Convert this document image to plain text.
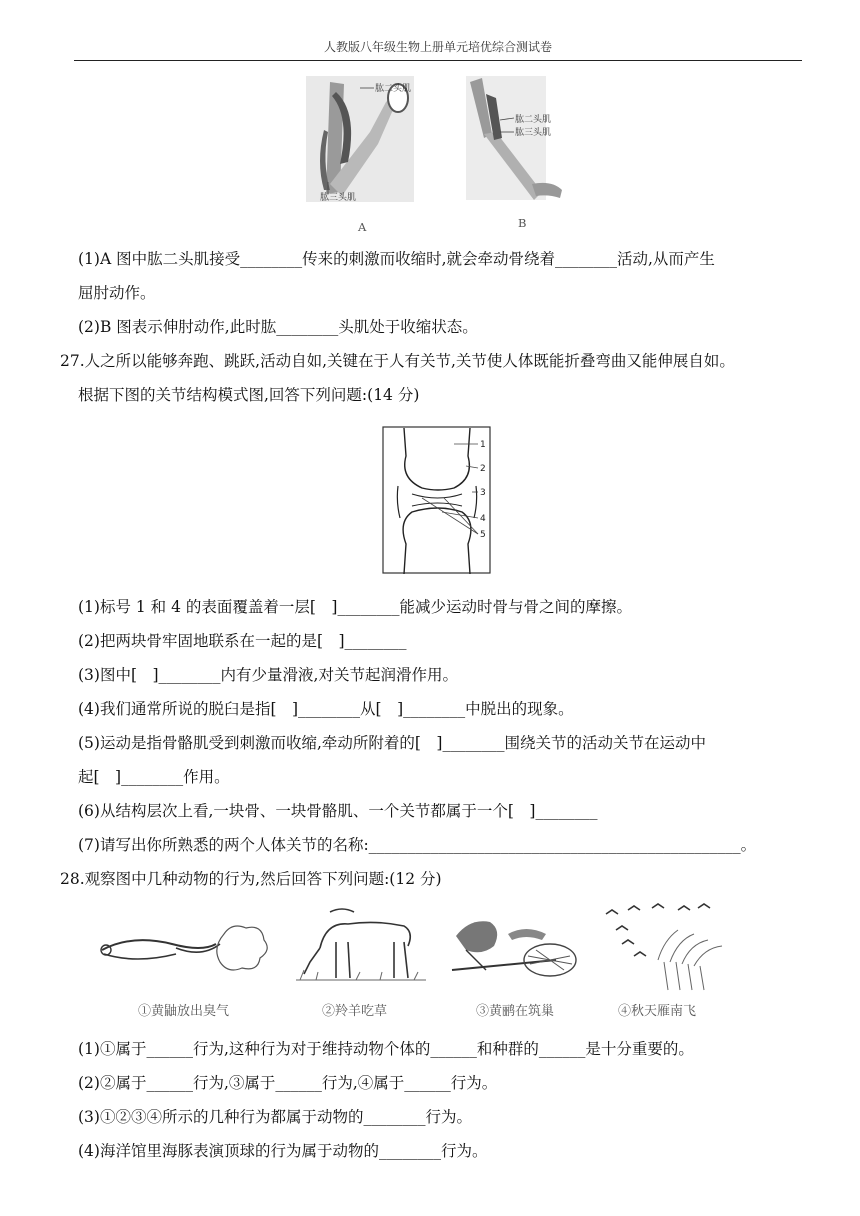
人教版八年级生物上册单元培优综合测试卷
肱二头肌
肱三头肌
A
肱二头肌
肱三头肌
B
(1)A 图中肱二头肌接受________传来的刺激而收缩时,就会牵动骨绕着________活动,从而产生
屈肘动作。
(2)B 图表示伸肘动作,此时肱________头肌处于收缩状态。
27.人之所以能够奔跑、跳跃,活动自如,关键在于人有关节,关节使人体既能折叠弯曲又能伸展自如。
根据下图的关节结构模式图,回答下列问题:(14 分)
1
2
3
4
5
(1)标号 1 和 4 的表面覆盖着一层[　]________能减少运动时骨与骨之间的摩擦。
(2)把两块骨牢固地联系在一起的是[　]________
(3)图中[　]________内有少量滑液,对关节起润滑作用。
(4)我们通常所说的脱臼是指[　]________从[　]________中脱出的现象。
(5)运动是指骨骼肌受到刺激而收缩,牵动所附着的[　]________围绕关节的活动关节在运动中
起[　]________作用。
(6)从结构层次上看,一块骨、一块骨骼肌、一个关节都属于一个[　]________
(7)请写出你所熟悉的两个人体关节的名称:________________________________________________。
28.观察图中几种动物的行为,然后回答下列问题:(12 分)
①黄鼬放出臭气	②羚羊吃草	③黄鹂在筑巢	④秋天雁南飞
(1)①属于______行为,这种行为对于维持动物个体的______和种群的______是十分重要的。
(2)②属于______行为,③属于______行为,④属于______行为。
(3)①②③④所示的几种行为都属于动物的________行为。
(4)海洋馆里海豚表演顶球的行为属于动物的________行为。
